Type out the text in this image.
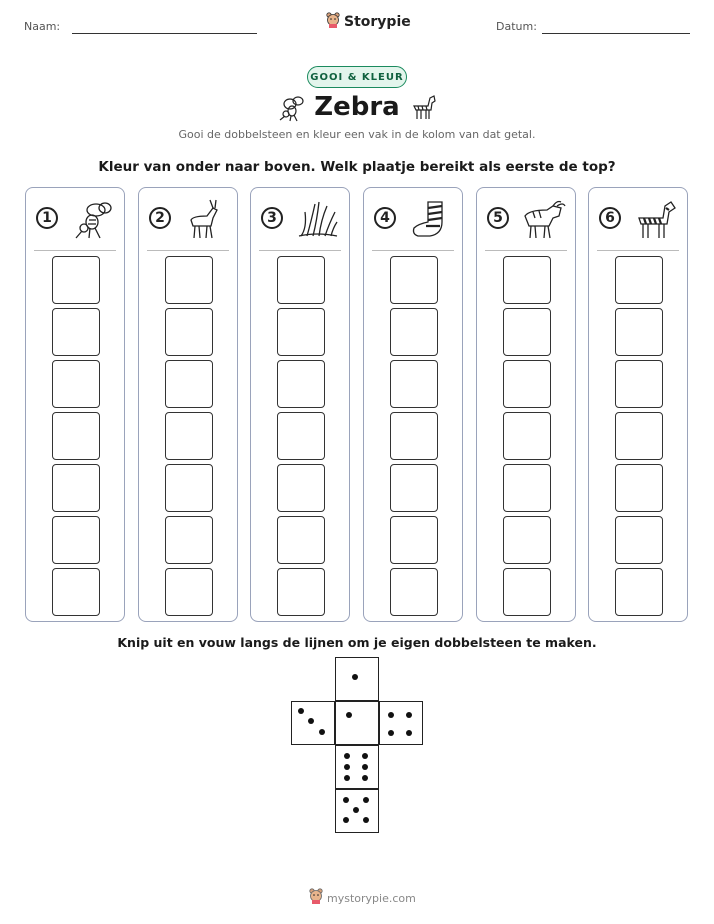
Naam:	Storypie	Datum:
GOOI & KLEUR
Zebra
Gooi de dobbelsteen en kleur een vak in de kolom van dat getal.
Kleur van onder naar boven. Welk plaatje bereikt als eerste de top?
1	2	3	4	5	6
Knip uit en vouw langs de lijnen om je eigen dobbelsteen te maken.
mystorypie.com
